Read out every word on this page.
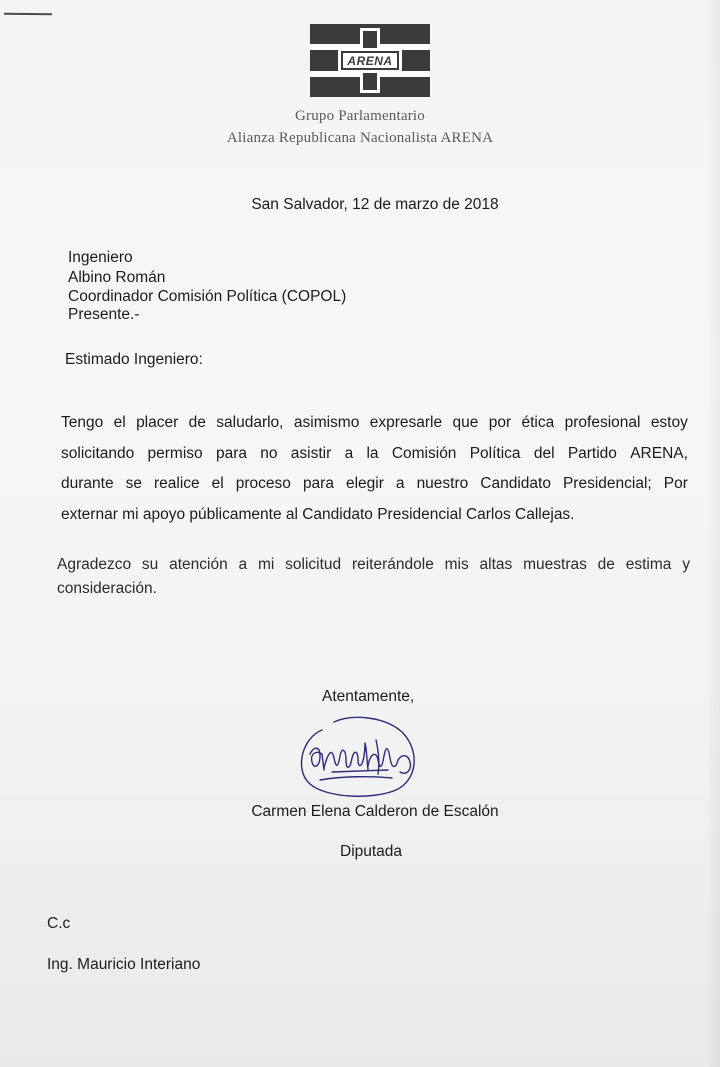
ARENA
Grupo Parlamentario
Alianza Republicana Nacionalista ARENA
San Salvador, 12 de marzo de 2018
Ingeniero
Albino Román
Coordinador Comisión Política (COPOL)
Presente.-
Estimado Ingeniero:
Tengo el placer de saludarlo, asimismo expresarle que por ética profesional estoy
solicitando permiso para no asistir a la Comisión Política del Partido ARENA,
durante se realice el proceso para elegir a nuestro Candidato Presidencial; Por
externar mi apoyo públicamente al Candidato Presidencial Carlos Callejas.
Agradezco su atención a mi solicitud reiterándole mis altas muestras de estima y
consideración.
Atentamente,
Carmen Elena Calderon de Escalón
Diputada
C.c
Ing. Mauricio Interiano
